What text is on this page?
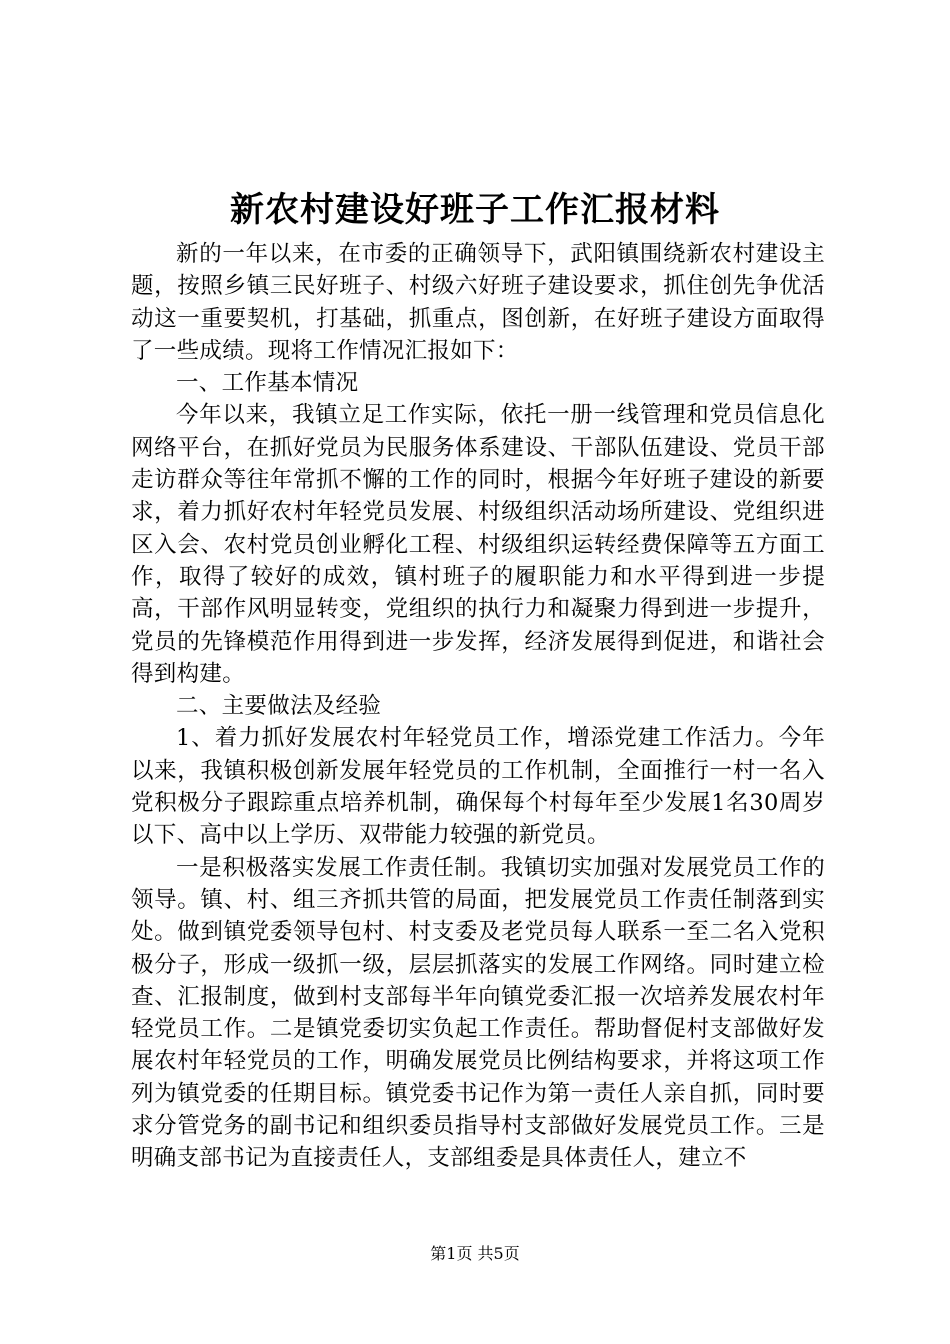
新农村建设好班子工作汇报材料

新的一年以来，在市委的正确领导下，武阳镇围绕新农村建设主题，按照乡镇三民好班子、村级六好班子建设要求，抓住创先争优活动这一重要契机，打基础，抓重点，图创新，在好班子建设方面取得了一些成绩。现将工作情况汇报如下：

一、工作基本情况

今年以来，我镇立足工作实际，依托一册一线管理和党员信息化网络平台，在抓好党员为民服务体系建设、干部队伍建设、党员干部走访群众等往年常抓不懈的工作的同时，根据今年好班子建设的新要求，着力抓好农村年轻党员发展、村级组织活动场所建设、党组织进区入会、农村党员创业孵化工程、村级组织运转经费保障等五方面工作，取得了较好的成效，镇村班子的履职能力和水平得到进一步提高，干部作风明显转变，党组织的执行力和凝聚力得到进一步提升，党员的先锋模范作用得到进一步发挥，经济发展得到促进，和谐社会得到构建。

二、主要做法及经验

1、着力抓好发展农村年轻党员工作，增添党建工作活力。今年以来，我镇积极创新发展年轻党员的工作机制，全面推行一村一名入党积极分子跟踪重点培养机制，确保每个村每年至少发展1名30周岁以下、高中以上学历、双带能力较强的新党员。

一是积极落实发展工作责任制。我镇切实加强对发展党员工作的领导。镇、村、组三齐抓共管的局面，把发展党员工作责任制落到实处。做到镇党委领导包村、村支委及老党员每人联系一至二名入党积极分子，形成一级抓一级，层层抓落实的发展工作网络。同时建立检查、汇报制度，做到村支部每半年向镇党委汇报一次培养发展农村年轻党员工作。二是镇党委切实负起工作责任。帮助督促村支部做好发展农村年轻党员的工作，明确发展党员比例结构要求，并将这项工作列为镇党委的任期目标。镇党委书记作为第一责任人亲自抓，同时要求分管党务的副书记和组织委员指导村支部做好发展党员工作。三是明确支部书记为直接责任人，支部组委是具体责任人，建立不

第1页 共5页
